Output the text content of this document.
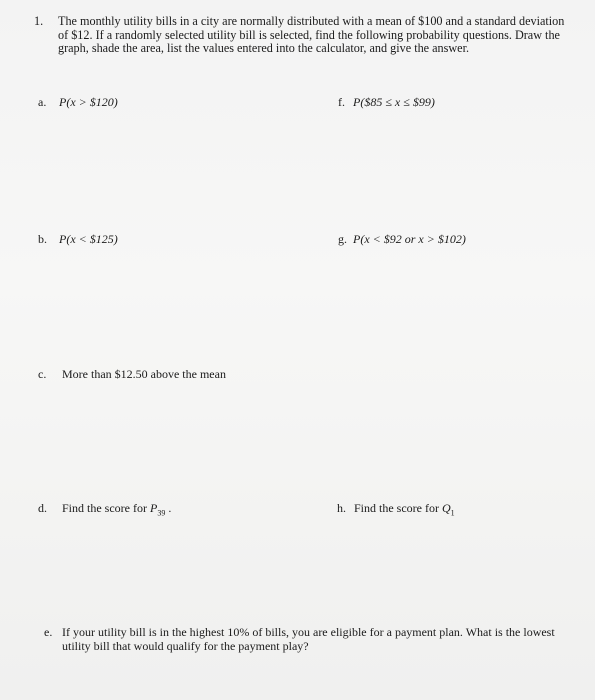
1. The monthly utility bills in a city are normally distributed with a mean of $100 and a standard deviation of $12. If a randomly selected utility bill is selected, find the following probability questions. Draw the graph, shade the area, list the values entered into the calculator, and give the answer.
a. P(x > $120)	f. P($85 ≤ x ≤ $99)
b. P(x < $125)	g. P(x < $92 or x > $102)
c. More than $12.50 above the mean
d. Find the score for $P_{39}$ .	h. Find the score for $Q_1$
e. If your utility bill is in the highest 10% of bills, you are eligible for a payment plan. What is the lowest utility bill that would qualify for the payment play?
